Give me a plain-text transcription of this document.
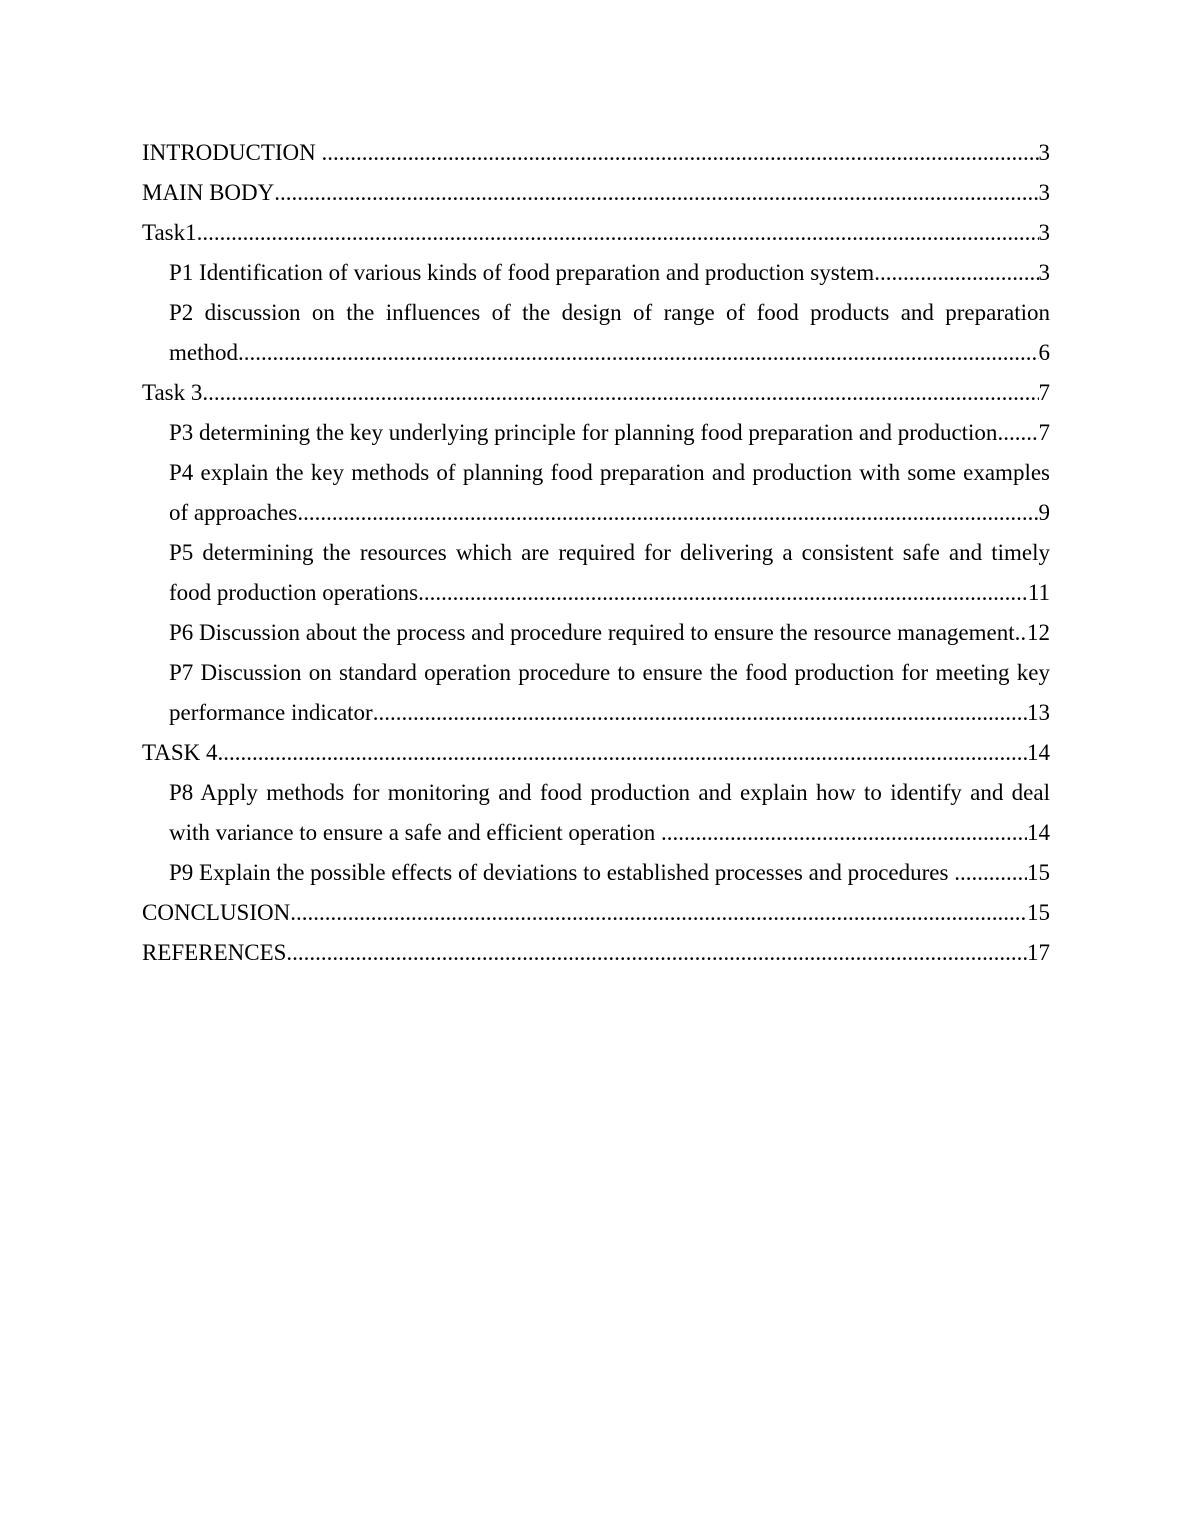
INTRODUCTION .....	3
MAIN BODY .....	3
Task1 .....	3
P1 Identification of various kinds of food preparation and production system .....	3
P2 discussion on the influences of the design of range of food products and preparation
method .....	6
Task 3 .....	7
P3 determining the key underlying principle for planning food preparation and production ..... 7
P4 explain the key methods of planning food preparation and production with some examples
of approaches .....	9
P5 determining the resources which are required for delivering a consistent safe and timely
food production operations .....	11
P6 Discussion about the process and procedure required to ensure the resource management ..... 12
P7 Discussion on standard operation procedure to ensure the food production for meeting key
performance indicator .....	13
TASK 4 .....	14
P8 Apply methods for monitoring and food production and explain how to identify and deal
with variance to ensure a safe and efficient operation .....	14
P9 Explain the possible effects of deviations to established processes and procedures .....	15
CONCLUSION .....	15
REFERENCES .....	17
